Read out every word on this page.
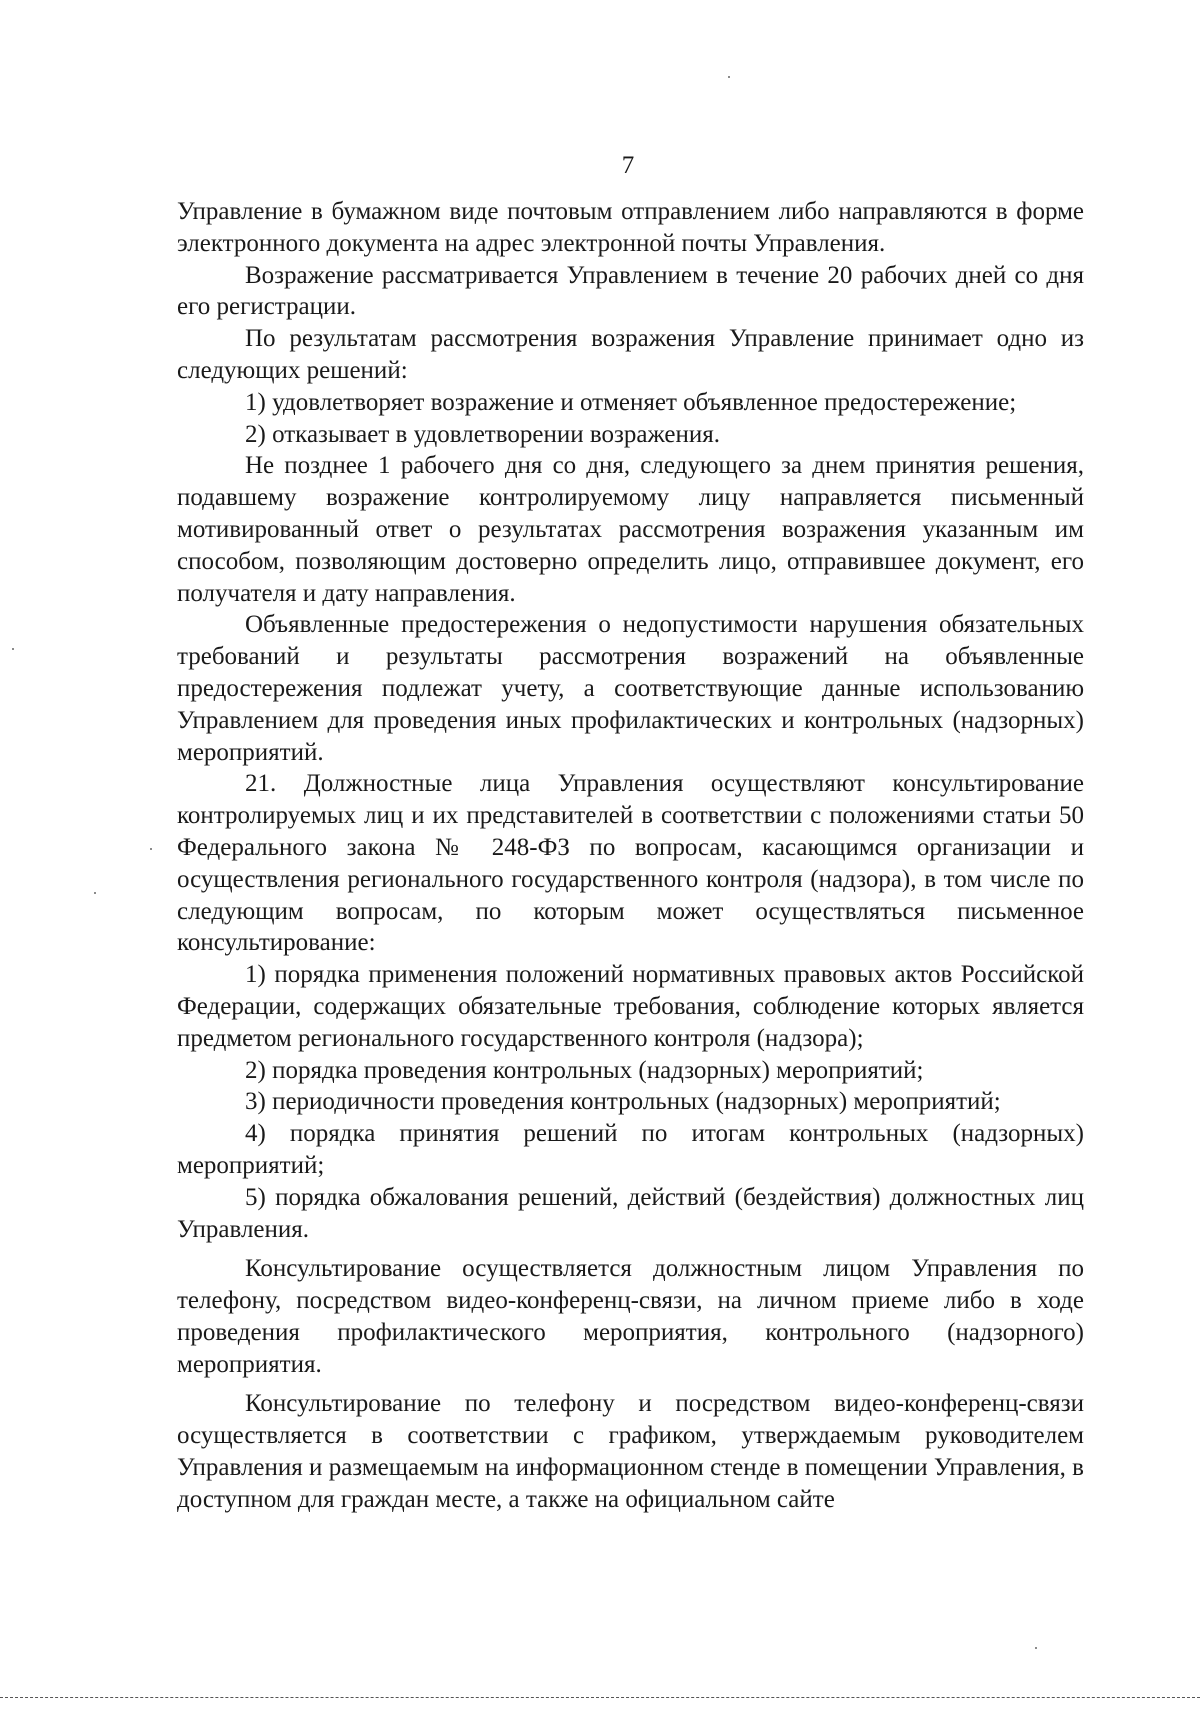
7

Управление в бумажном виде почтовым отправлением либо направляются в форме электронного документа на адрес электронной почты Управления.

Возражение рассматривается Управлением в течение 20 рабочих дней со дня его регистрации.

По результатам рассмотрения возражения Управление принимает одно из следующих решений:

1) удовлетворяет возражение и отменяет объявленное предостережение;

2) отказывает в удовлетворении возражения.

Не позднее 1 рабочего дня со дня, следующего за днем принятия решения, подавшему возражение контролируемому лицу направляется письменный мотивированный ответ о результатах рассмотрения возражения указанным им способом, позволяющим достоверно определить лицо, отправившее документ, его получателя и дату направления.

Объявленные предостережения о недопустимости нарушения обязательных требований и результаты рассмотрения возражений на объявленные предостережения подлежат учету, а соответствующие данные использованию Управлением для проведения иных профилактических и контрольных (надзорных) мероприятий.

21. Должностные лица Управления осуществляют консультирование контролируемых лиц и их представителей в соответствии с положениями статьи 50 Федерального закона № 248-ФЗ по вопросам, касающимся организации и осуществления регионального государственного контроля (надзора), в том числе по следующим вопросам, по которым может осуществляться письменное консультирование:

1) порядка применения положений нормативных правовых актов Российской Федерации, содержащих обязательные требования, соблюдение которых является предметом регионального государственного контроля (надзора);

2) порядка проведения контрольных (надзорных) мероприятий;

3) периодичности проведения контрольных (надзорных) мероприятий;

4) порядка принятия решений по итогам контрольных (надзорных) мероприятий;

5) порядка обжалования решений, действий (бездействия) должностных лиц Управления.

Консультирование осуществляется должностным лицом Управления по телефону, посредством видео-конференц-связи, на личном приеме либо в ходе проведения профилактического мероприятия, контрольного (надзорного) мероприятия.

Консультирование по телефону и посредством видео-конференц-связи осуществляется в соответствии с графиком, утверждаемым руководителем Управления и размещаемым на информационном стенде в помещении Управления, в доступном для граждан месте, а также на официальном сайте
